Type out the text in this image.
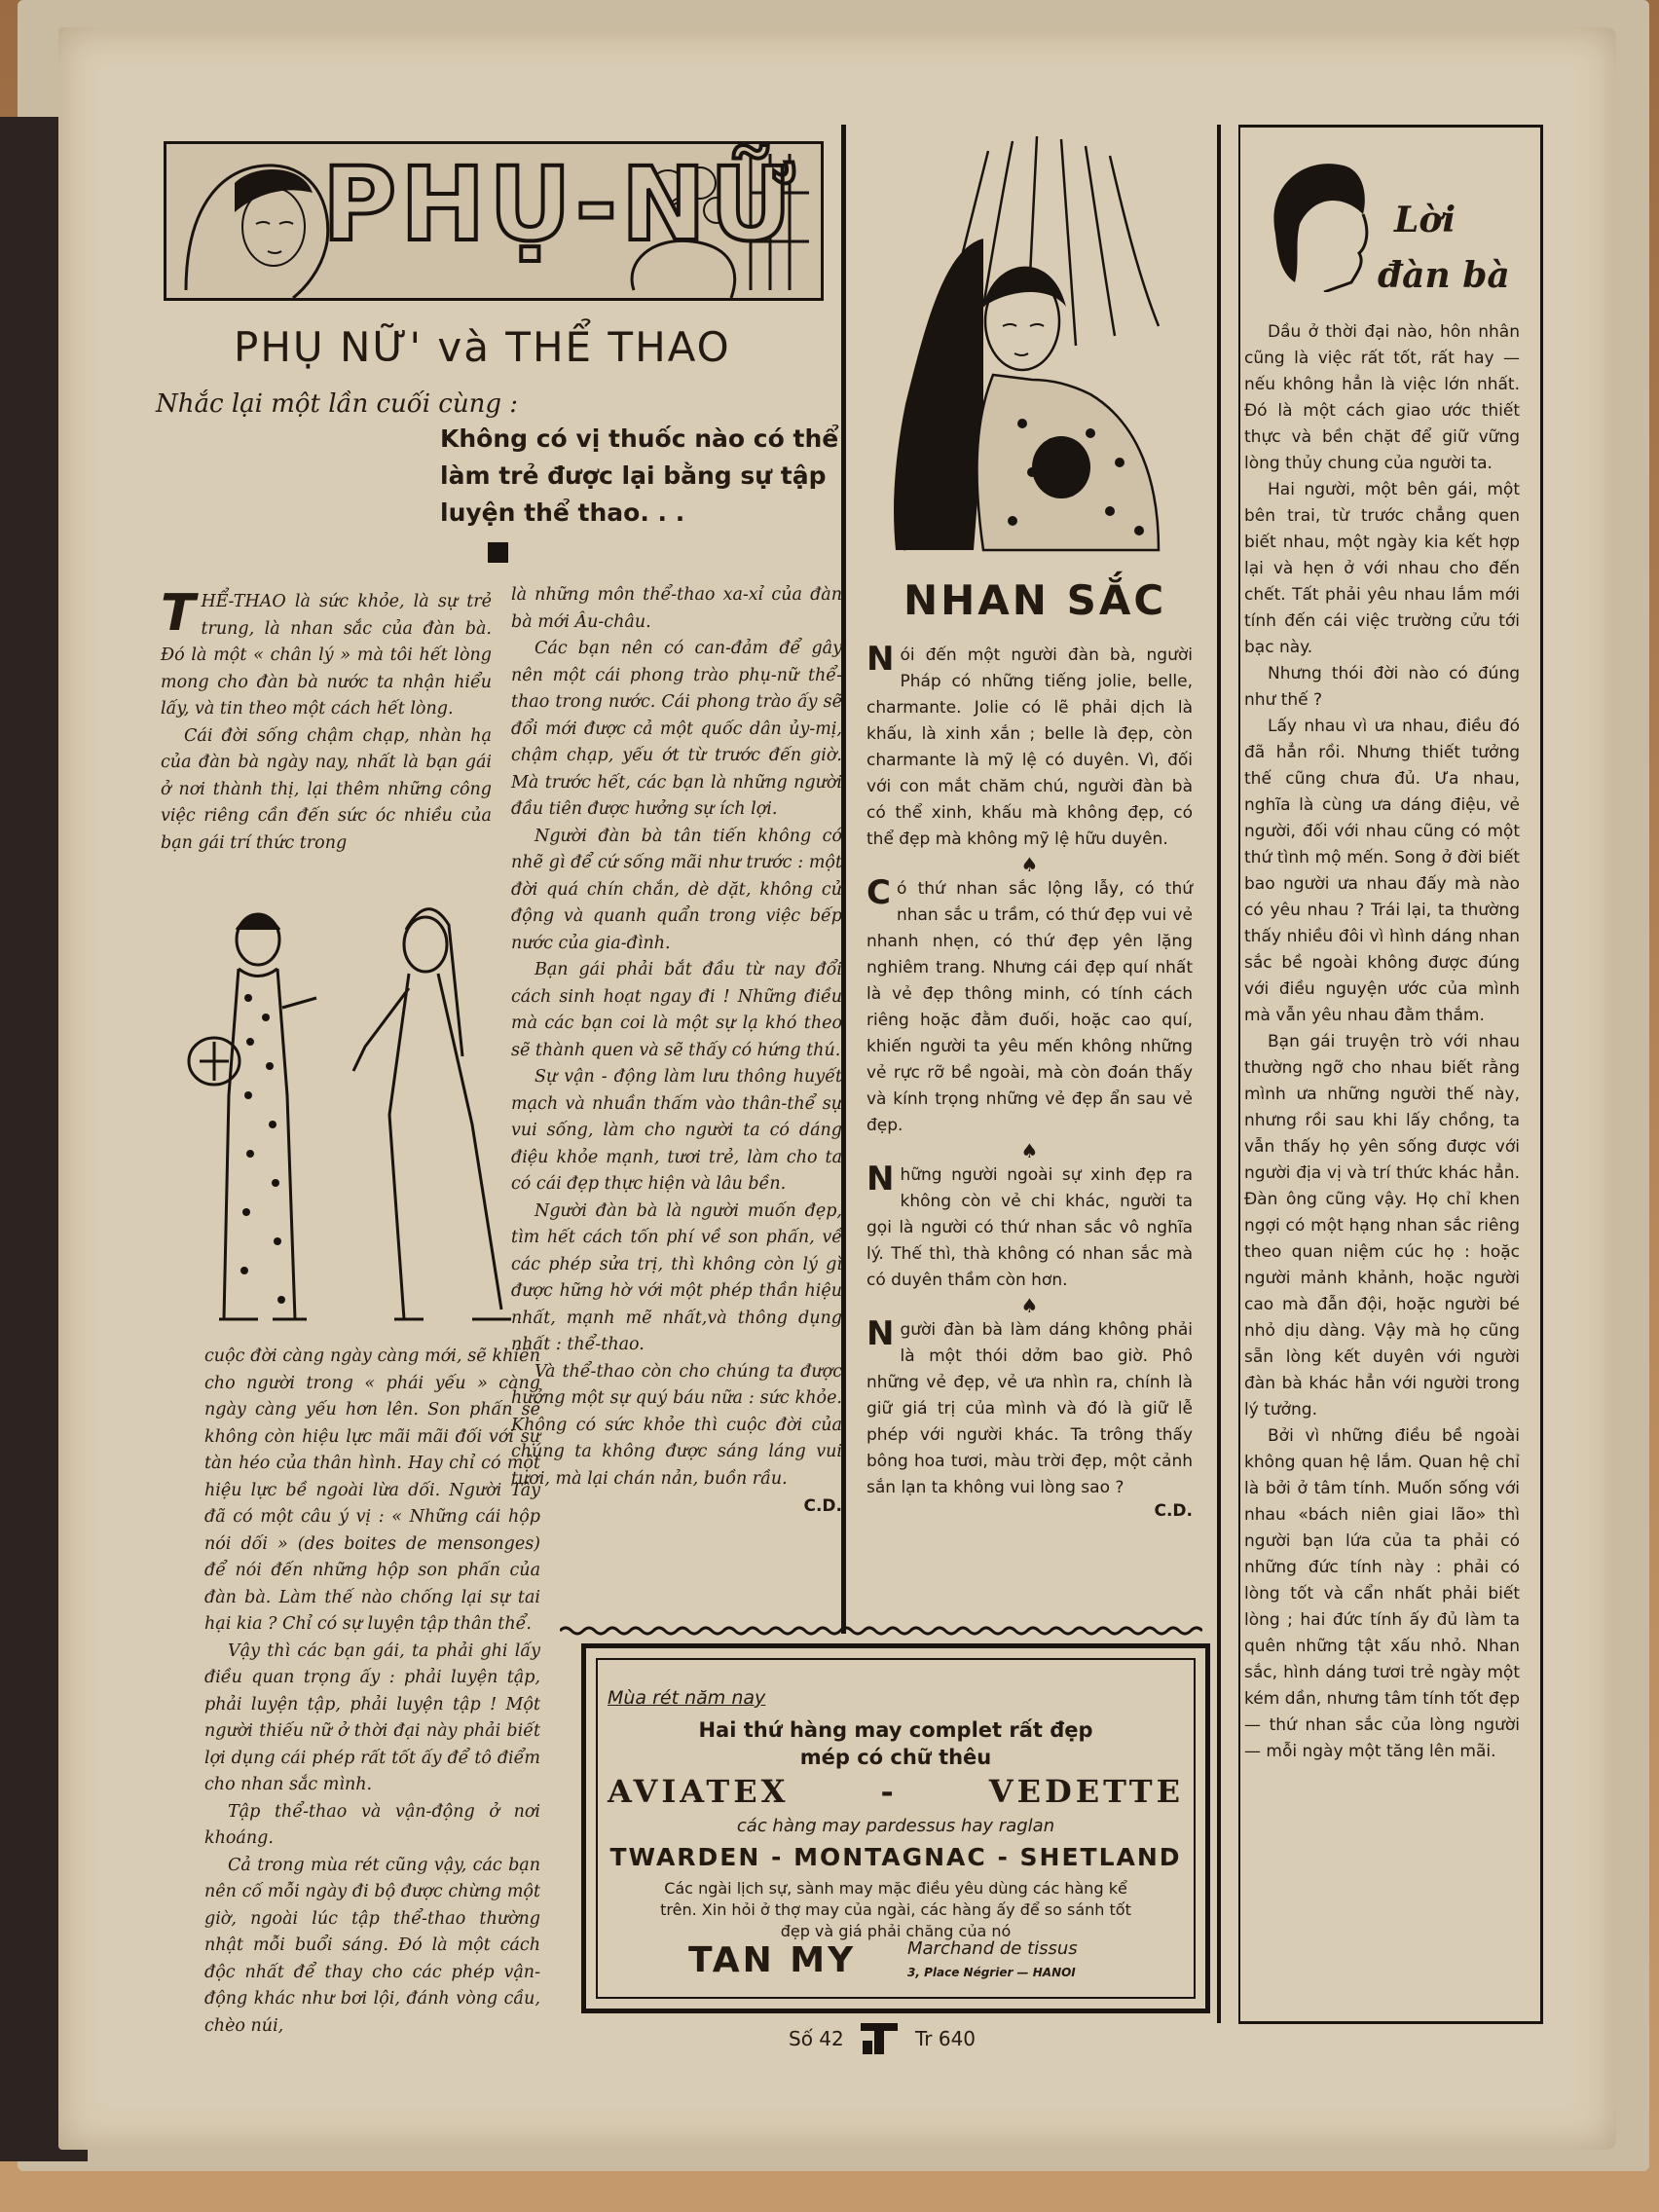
PHỤ-NỮ
PHỤ NỮ' và THỂ THAO
Nhắc lại một lần cuối cùng :
Không có vị thuốc nào có thể làm trẻ được lại bằng sự tập luyện thể thao. . .

THỂ-THAO là sức khỏe, là sự trẻ trung, là nhan sắc của đàn bà. Đó là một « chân lý » mà tôi hết lòng mong cho đàn bà nước ta nhận hiểu lấy, và tin theo một cách hết lòng.

Cái đời sống chậm chạp, nhàn hạ của đàn bà ngày nay, nhất là bạn gái ở nơi thành thị, lại thêm những công việc riêng cần đến sức óc nhiều của bạn gái trí thức trong

cuộc đời càng ngày càng mới, sẽ khiến cho người trong « phái yếu » càng ngày càng yếu hơn lên. Son phấn sẽ không còn hiệu lực mãi mãi đối với sự tàn héo của thân hình. Hay chỉ có một hiệu lực bề ngoài lừa dối. Người Tây đã có một câu ý vị : « Những cái hộp nói dối » (des boites de mensonges) để nói đến những hộp son phấn của đàn bà. Làm thế nào chống lại sự tai hại kia ? Chỉ có sự luyện tập thân thể.

Vậy thì các bạn gái, ta phải ghi lấy điều quan trọng ấy : phải luyện tập, phải luyện tập, phải luyện tập ! Một người thiếu nữ ở thời đại này phải biết lợi dụng cái phép rất tốt ấy để tô điểm cho nhan sắc mình.

Tập thể-thao và vận-động ở nơi khoáng.

Cả trong mùa rét cũng vậy, các bạn nên cố mỗi ngày đi bộ được chừng một giờ, ngoài lúc tập thể-thao thường nhật mỗi buổi sáng. Đó là một cách độc nhất để thay cho các phép vận-động khác như bơi lội, đánh vòng cầu, chèo núi,

là những môn thể-thao xa-xỉ của đàn bà mới Âu-châu.

Các bạn nên có can-đảm để gây nên một cái phong trào phụ-nữ thể-thao trong nước. Cái phong trào ấy sẽ đổi mới được cả một quốc dân ủy-mị, chậm chạp, yếu ớt từ trước đến giờ. Mà trước hết, các bạn là những người đầu tiên được hưởng sự ích lợi.

Người đàn bà tân tiến không có nhẽ gì để cứ sống mãi như trước : một đời quá chín chắn, dè dặt, không cử động và quanh quẩn trong việc bếp nước của gia-đình.

Bạn gái phải bắt đầu từ nay đổi cách sinh hoạt ngay đi ! Những điều mà các bạn coi là một sự lạ khó theo sẽ thành quen và sẽ thấy có hứng thú.

Sự vận - động làm lưu thông huyết mạch và nhuần thấm vào thân-thể sự vui sống, làm cho người ta có dáng điệu khỏe mạnh, tươi trẻ, làm cho ta có cái đẹp thực hiện và lâu bền.

Người đàn bà là người muốn đẹp, tìm hết cách tốn phí về son phấn, về các phép sửa trị, thì không còn lý gì được hững hờ với một phép thần hiệu nhất, mạnh mẽ nhất,và thông dụng nhất : thể-thao.

Và thể-thao còn cho chúng ta được hưởng một sự quý báu nữa : sức khỏe. Không có sức khỏe thì cuộc đời của chúng ta không được sáng láng vui tươi, mà lại chán nản, buồn rầu.

C.D.
NHAN SẮC

Nói đến một người đàn bà, người Pháp có những tiếng jolie, belle, charmante. Jolie có lẽ phải dịch là khấu, là xinh xắn ; belle là đẹp, còn charmante là mỹ lệ có duyên. Vì, đối với con mắt chăm chú, người đàn bà có thể xinh, khấu mà không đẹp, có thể đẹp mà không mỹ lệ hữu duyên.

♠

Có thứ nhan sắc lộng lẫy, có thứ nhan sắc u trầm, có thứ đẹp vui vẻ nhanh nhẹn, có thứ đẹp yên lặng nghiêm trang. Nhưng cái đẹp quí nhất là vẻ đẹp thông minh, có tính cách riêng hoặc đằm đuối, hoặc cao quí, khiến người ta yêu mến không những vẻ rực rỡ bề ngoài, mà còn đoán thấy và kính trọng những vẻ đẹp ẩn sau vẻ đẹp.

♠

Những người ngoài sự xinh đẹp ra không còn vẻ chi khác, người ta gọi là người có thứ nhan sắc vô nghĩa lý. Thế thì, thà không có nhan sắc mà có duyên thầm còn hơn.

♠

Người đàn bà làm dáng không phải là một thói dởm bao giờ. Phô những vẻ đẹp, vẻ ưa nhìn ra, chính là giữ giá trị của mình và đó là giữ lễ phép với người khác. Ta trông thấy bông hoa tươi, màu trời đẹp, một cảnh sắn lạn ta không vui lòng sao ?

C.D.
Lời
đàn bà

Dầu ở thời đại nào, hôn nhân cũng là việc rất tốt, rất hay — nếu không hẳn là việc lớn nhất. Đó là một cách giao ước thiết thực và bền chặt để giữ vững lòng thủy chung của người ta.

Hai người, một bên gái, một bên trai, từ trước chẳng quen biết nhau, một ngày kia kết hợp lại và hẹn ở với nhau cho đến chết. Tất phải yêu nhau lắm mới tính đến cái việc trường cửu tới bạc này.

Nhưng thói đời nào có đúng như thế ?

Lấy nhau vì ưa nhau, điều đó đã hẳn rồi. Nhưng thiết tưởng thế cũng chưa đủ. Ưa nhau, nghĩa là cùng ưa dáng điệu, vẻ người, đối với nhau cũng có một thứ tình mộ mến. Song ở đời biết bao người ưa nhau đấy mà nào có yêu nhau ? Trái lại, ta thường thấy nhiều đôi vì hình dáng nhan sắc bề ngoài không được đúng với điều nguyện ước của mình mà vẫn yêu nhau đằm thắm.

Bạn gái truyện trò với nhau thường ngỡ cho nhau biết rằng mình ưa những người thế này, nhưng rồi sau khi lấy chồng, ta vẫn thấy họ yên sống được với người địa vị và trí thức khác hẳn. Đàn ông cũng vậy. Họ chỉ khen ngợi có một hạng nhan sắc riêng theo quan niệm cúc họ : hoặc người mảnh khảnh, hoặc người cao mà đẫn đội, hoặc người bé nhỏ dịu dàng. Vậy mà họ cũng sẵn lòng kết duyên với người đàn bà khác hẳn với người trong lý tưởng.

Bởi vì những điều bề ngoài không quan hệ lắm. Quan hệ chỉ là bởi ở tâm tính. Muốn sống với nhau «bách niên giai lão» thì người bạn lứa của ta phải có những đức tính này : phải có lòng tốt và cẩn nhất phải biết lòng ; hai đức tính ấy đủ làm ta quên những tật xấu nhỏ. Nhan sắc, hình dáng tươi trẻ ngày một kém dần, nhưng tâm tính tốt đẹp — thứ nhan sắc của lòng người — mỗi ngày một tăng lên mãi.

Mùa rét năm nay

Hai thứ hàng may complet rất đẹp

mép có chữ thêu

AVIATEX	-	VEDETTE

các hàng may pardessus hay raglan

TWARDEN - MONTAGNAC - SHETLAND

Các ngài lịch sự, sành may mặc điều yêu dùng các hàng kể trên. Xin hỏi ở thợ may của ngài, các hàng ấy để so sánh tốt đẹp và giá phải chăng của nó

TAN MY	Marchand de tissus
3, Place Négrier — HANOI
Số 42	Tr 640
